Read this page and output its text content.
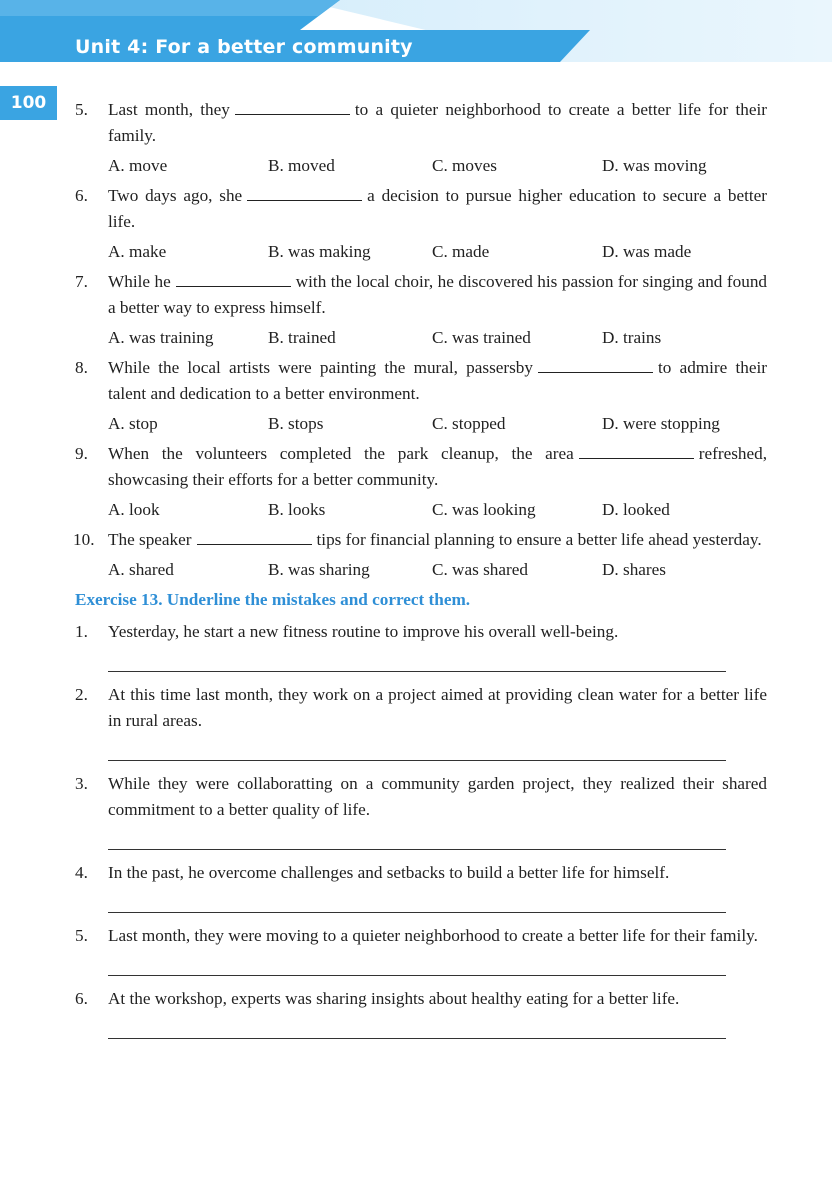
Unit 4: For a better community
100	5. Last month, they	to a quieter neighborhood to create a better life for their family.
A. move	B. moved	C. moves	D. was moving
6. Two days ago, she	a decision to pursue higher education to secure a better life.
A. make	B. was making	C. made	D. was made
7. While he	with the local choir, he discovered his passion for singing and found a better way to express himself.
A. was training	B. trained	C. was trained	D. trains
8. While the local artists were painting the mural, passersby	to admire their talent and dedication to a better environment.
A. stop	B. stops	C. stopped	D. were stopping
9. When the volunteers completed the park cleanup, the area	refreshed, showcasing their efforts for a better community.
A. look	B. looks	C. was looking	D. looked
10. The speaker	tips for financial planning to ensure a better life ahead yesterday.
A. shared	B. was sharing	C. was shared	D. shares
Exercise 13. Underline the mistakes and correct them.
1. Yesterday, he start a new fitness routine to improve his overall well-being.
2. At this time last month, they work on a project aimed at providing clean water for a better life in rural areas.
3. While they were collaboratting on a community garden project, they realized their shared commitment to a better quality of life.
4. In the past, he overcome challenges and setbacks to build a better life for himself.
5. Last month, they were moving to a quieter neighborhood to create a better life for their family.
6. At the workshop, experts was sharing insights about healthy eating for a better life.
